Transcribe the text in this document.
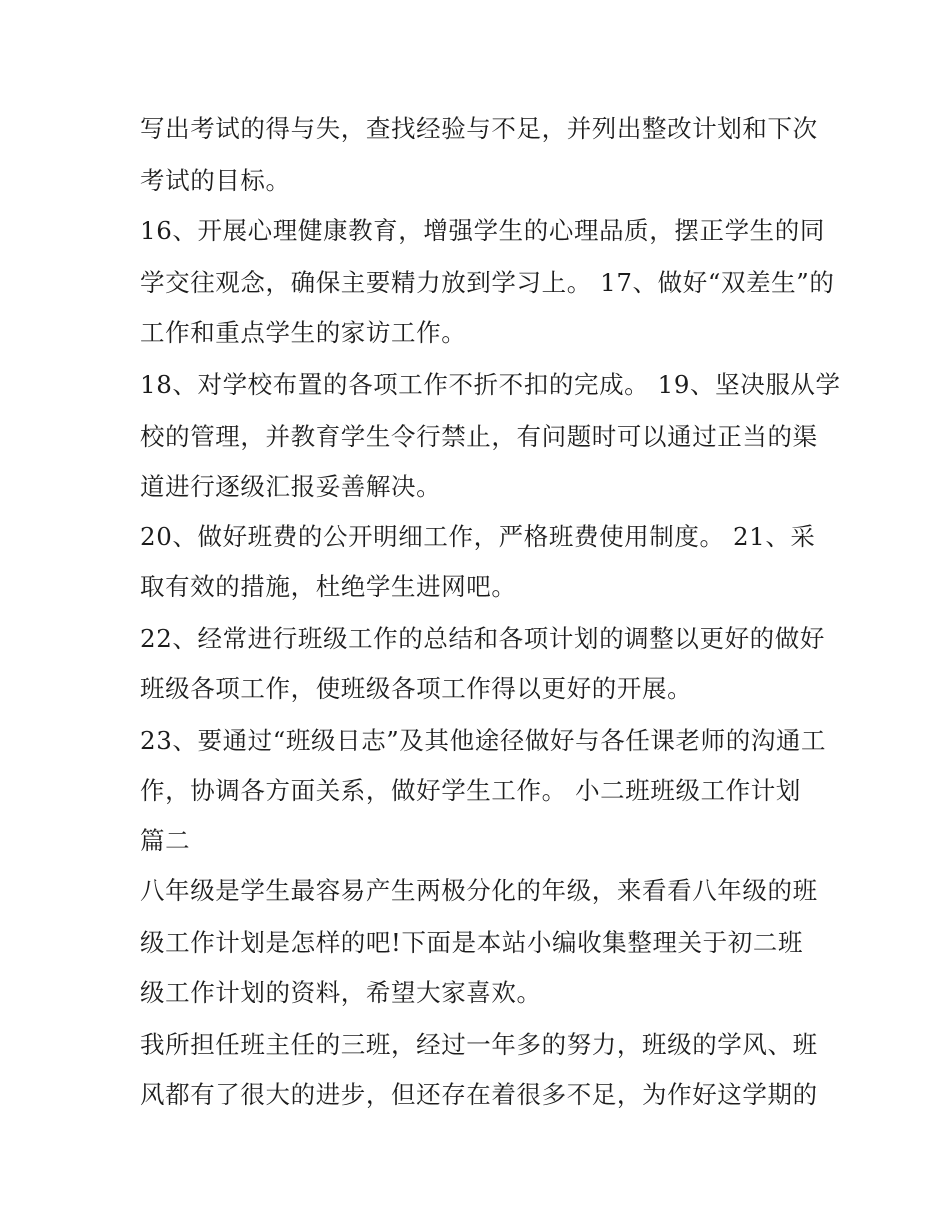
写出考试的得与失，查找经验与不足，并列出整改计划和下次
考试的目标。
16、开展心理健康教育，增强学生的心理品质，摆正学生的同
学交往观念，确保主要精力放到学习上。 17、做好“双差生”的
工作和重点学生的家访工作。
18、对学校布置的各项工作不折不扣的完成。 19、坚决服从学
校的管理，并教育学生令行禁止，有问题时可以通过正当的渠
道进行逐级汇报妥善解决。
20、做好班费的公开明细工作，严格班费使用制度。 21、采
取有效的措施，杜绝学生进网吧。
22、经常进行班级工作的总结和各项计划的调整以更好的做好
班级各项工作，使班级各项工作得以更好的开展。
23、要通过“班级日志”及其他途径做好与各任课老师的沟通工
作，协调各方面关系，做好学生工作。 小二班班级工作计划
篇二
八年级是学生最容易产生两极分化的年级，来看看八年级的班
级工作计划是怎样的吧!下面是本站小编收集整理关于初二班
级工作计划的资料，希望大家喜欢。
我所担任班主任的三班，经过一年多的努力，班级的学风、班
风都有了很大的进步，但还存在着很多不足，为作好这学期的
